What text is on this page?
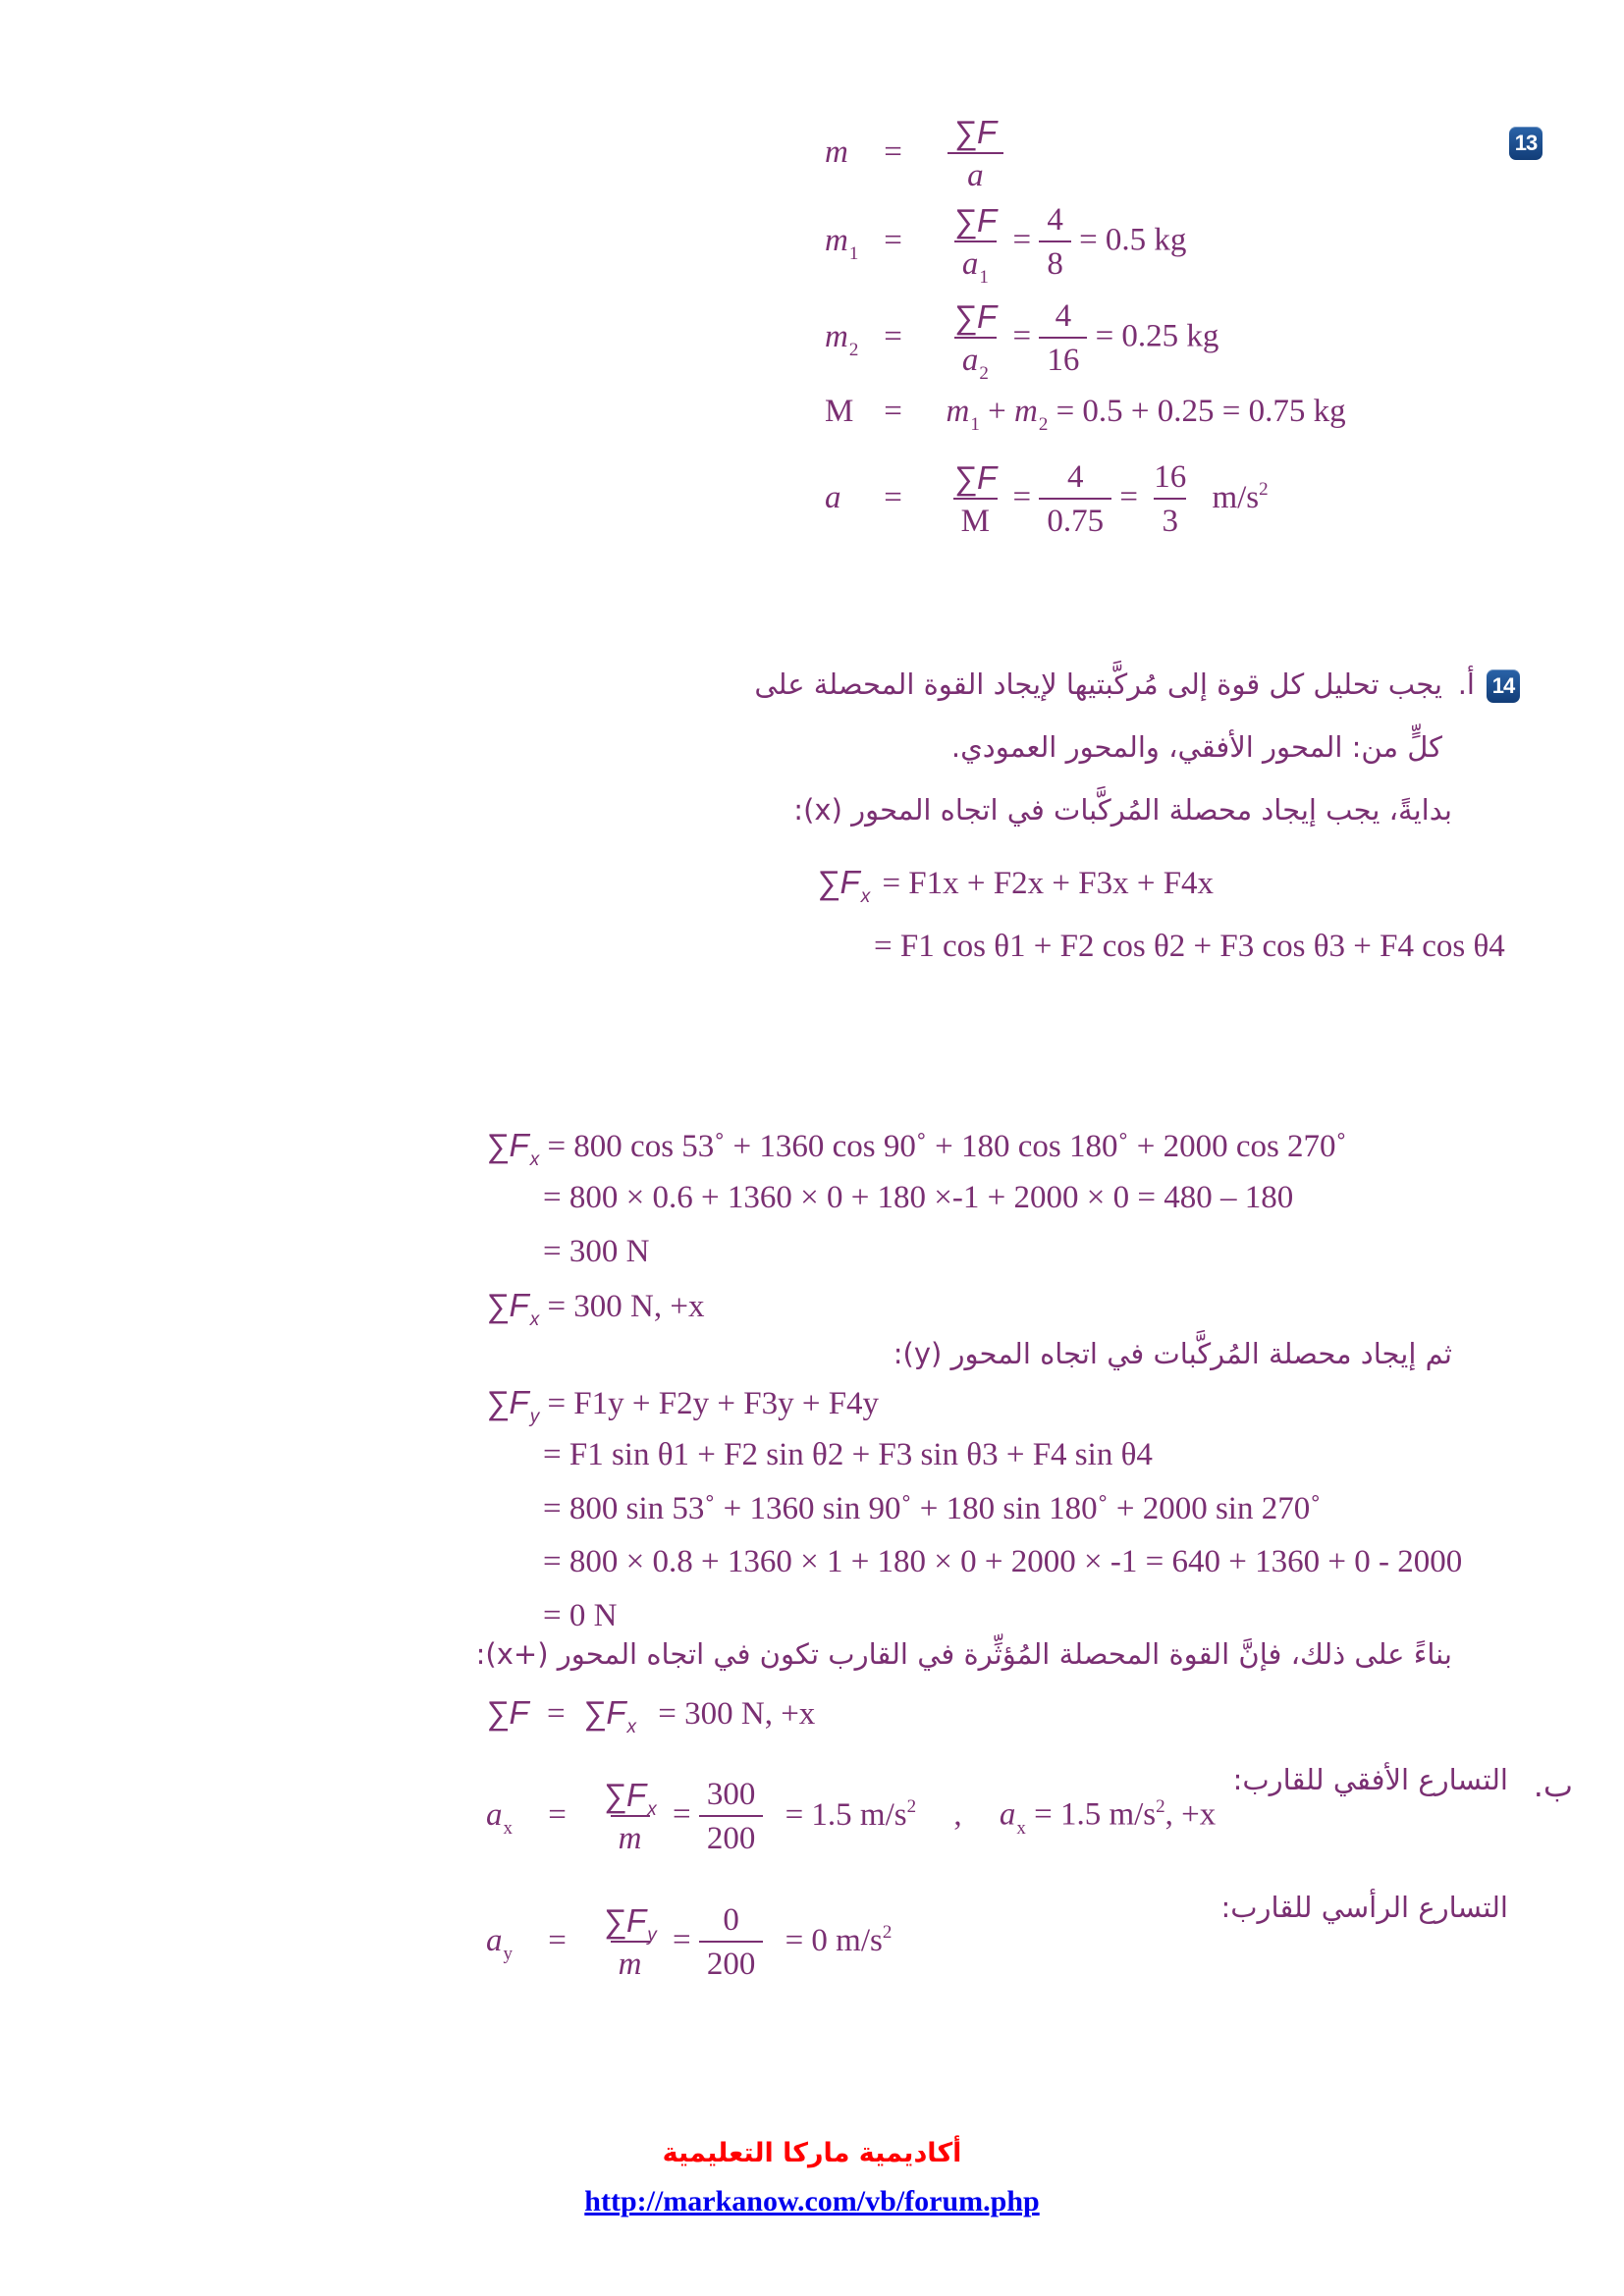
13
$m = \frac{\sum F}{a}$
$m_1 = \frac{\sum F}{a_1} = \frac{4}{8} = 0.5$ kg
$m_2 = \frac{\sum F}{a_2} = \frac{4}{16} = 0.25$ kg
$M = m_1 + m_2 = 0.5 + 0.25 = 0.75$ kg
$a = \frac{\sum F}{M} = \frac{4}{0.75} = \frac{16}{3} m/s^2$
14
أ.
يجب تحليل كل قوة إلى مُركَّبتيها لإيجاد القوة المحصلة على
كلٍّ من: المحور الأفقي، والمحور العمودي.
بدايةً، يجب إيجاد محصلة المُركَّبات في اتجاه المحور (x):
$\sum F_x = F1x + F2x + F3x + F4x$
= F1 cos θ1 + F2 cos θ2 + F3 cos θ3 + F4 cos θ4
$\sum F_x = 800$ cos 53˚ + 1360 cos 90˚ + 180 cos 180˚ + 2000 cos 270˚
= 800 × 0.6 + 1360 × 0 + 180 ×-1 + 2000 × 0 = 480 – 180
= 300 N
$\sum F_x = 300$ N, +x
ثم إيجاد محصلة المُركَّبات في اتجاه المحور (y):
$\sum F_y = F1y + F2y + F3y + F4y$
= F1 sin θ1 + F2 sin θ2 + F3 sin θ3 + F4 sin θ4
= 800 sin 53˚ + 1360 sin 90˚ + 180 sin 180˚ + 2000 sin 270˚
= 800 × 0.8 + 1360 × 1 + 180 × 0 + 2000 × -1 = 640 + 1360 + 0 - 2000
= 0 N
بناءً على ذلك، فإنَّ القوة المحصلة المُؤثِّرة في القارب تكون في اتجاه المحور (+x):
$\sum F = \sum F_x = 300$ N, +x
ب.
التسارع الأفقي للقارب:
$a_x = \frac{\sum F_x}{m} = \frac{300}{200} = 1.5$ $m/s^2$ , $a_x = 1.5$ $m/s^2$, +x
التسارع الرأسي للقارب:
$a_y = \frac{\sum F_y}{m} = \frac{0}{200} = 0$ $m/s^2$
أكاديمية ماركا التعليمية
http://markanow.com/vb/forum.php
